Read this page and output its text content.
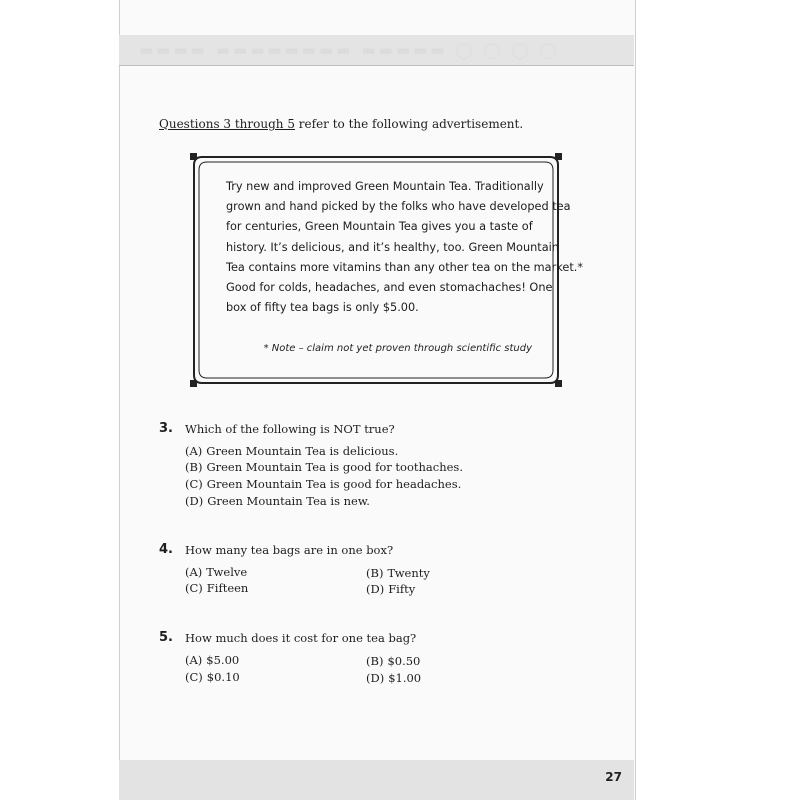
▬▬▬▬ ▬▬▬▬▬▬▬▬ ▬▬▬▬▬ ◯ ◯ ◯ ◯
Questions 3 through 5 refer to the following advertisement.
Try new and improved Green Mountain Tea. Traditionally
grown and hand picked by the folks who have developed tea
for centuries, Green Mountain Tea gives you a taste of
history. It’s delicious, and it’s healthy, too. Green Mountain
Tea contains more vitamins than any other tea on the market.*
Good for colds, headaches, and even stomachaches! One
box of fifty tea bags is only $5.00.
* Note – claim not yet proven through scientific study
3. Which of the following is NOT true?
(A) Green Mountain Tea is delicious.
(B) Green Mountain Tea is good for toothaches.
(C) Green Mountain Tea is good for headaches.
(D) Green Mountain Tea is new.
4. How many tea bags are in one box?
(A) Twelve	(B) Twenty
(C) Fifteen	(D) Fifty
5. How much does it cost for one tea bag?
(A) $5.00	(B) $0.50
(C) $0.10	(D) $1.00
27
